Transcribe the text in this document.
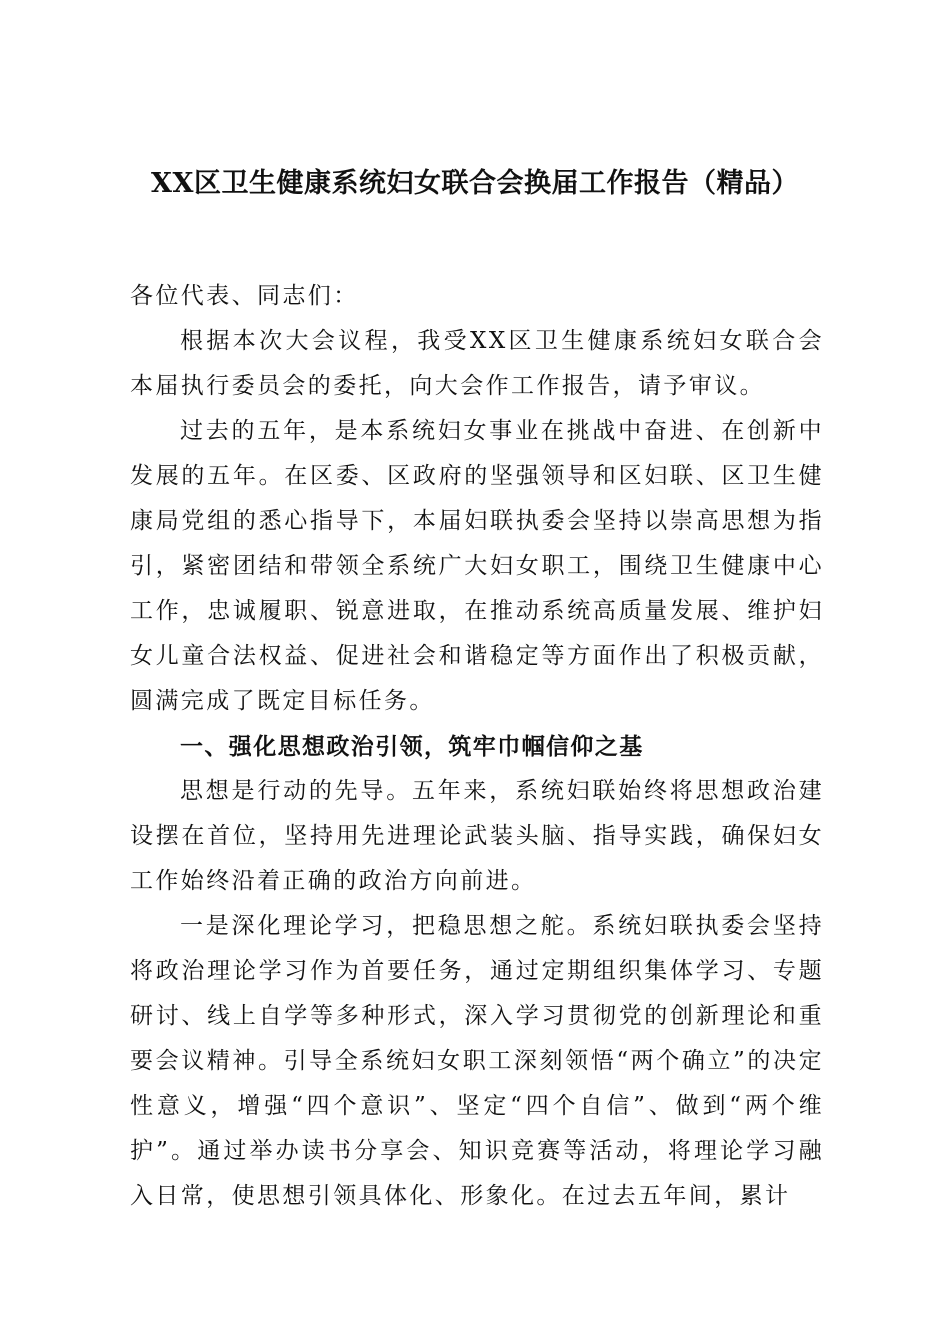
XX区卫生健康系统妇女联合会换届工作报告（精品）

各位代表、同志们：

根据本次大会议程，我受XX区卫生健康系统妇女联合会本届执行委员会的委托，向大会作工作报告，请予审议。

过去的五年，是本系统妇女事业在挑战中奋进、在创新中发展的五年。在区委、区政府的坚强领导和区妇联、区卫生健康局党组的悉心指导下，本届妇联执委会坚持以崇高思想为指引，紧密团结和带领全系统广大妇女职工，围绕卫生健康中心工作，忠诚履职、锐意进取，在推动系统高质量发展、维护妇女儿童合法权益、促进社会和谐稳定等方面作出了积极贡献，圆满完成了既定目标任务。

一、强化思想政治引领，筑牢巾帼信仰之基

思想是行动的先导。五年来，系统妇联始终将思想政治建设摆在首位，坚持用先进理论武装头脑、指导实践，确保妇女工作始终沿着正确的政治方向前进。

一是深化理论学习，把稳思想之舵。系统妇联执委会坚持将政治理论学习作为首要任务，通过定期组织集体学习、专题研讨、线上自学等多种形式，深入学习贯彻党的创新理论和重要会议精神。引导全系统妇女职工深刻领悟“两个确立”的决定性意义，增强“四个意识”、坚定“四个自信”、做到“两个维护”。通过举办读书分享会、知识竞赛等活动，将理论学习融入日常，使思想引领具体化、形象化。在过去五年间，累计
